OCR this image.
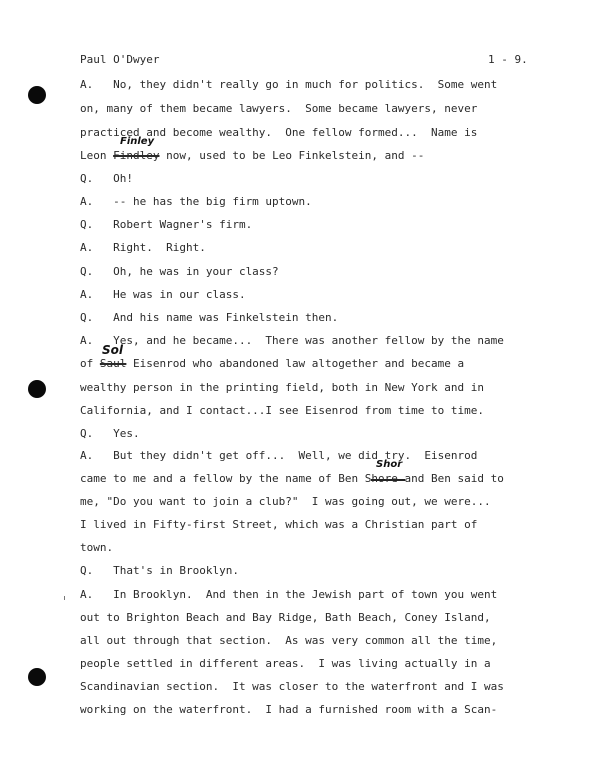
Paul O'Dwyer	1 - 9.
A.   No, they didn't really go in much for politics.  Some went
on, many of them became lawyers.  Some became lawyers, never
practiced and become wealthy.  One fellow formed...  Name is
Finley
Leon Findley now, used to be Leo Finkelstein, and --
Q.   Oh!
A.   -- he has the big firm uptown.
Q.   Robert Wagner's firm.
A.   Right.  Right.
Q.   Oh, he was in your class?
A.   He was in our class.
Q.   And his name was Finkelstein then.
A.   Yes, and he became...  There was another fellow by the name
Sol
of Saul Eisenrod who abandoned law altogether and became a
wealthy person in the printing field, both in New York and in
California, and I contact...I see Eisenrod from time to time.
Q.   Yes.
A.   But they didn't get off...  Well, we did try.  Eisenrod
Shor
came to me and a fellow by the name of Ben Shore and Ben said to
me, "Do you want to join a club?"  I was going out, we were...
I lived in Fifty-first Street, which was a Christian part of
town.
Q.   That's in Brooklyn.
A.   In Brooklyn.  And then in the Jewish part of town you went
out to Brighton Beach and Bay Ridge, Bath Beach, Coney Island,
all out through that section.  As was very common all the time,
people settled in different areas.  I was living actually in a
Scandinavian section.  It was closer to the waterfront and I was
working on the waterfront.  I had a furnished room with a Scan-
